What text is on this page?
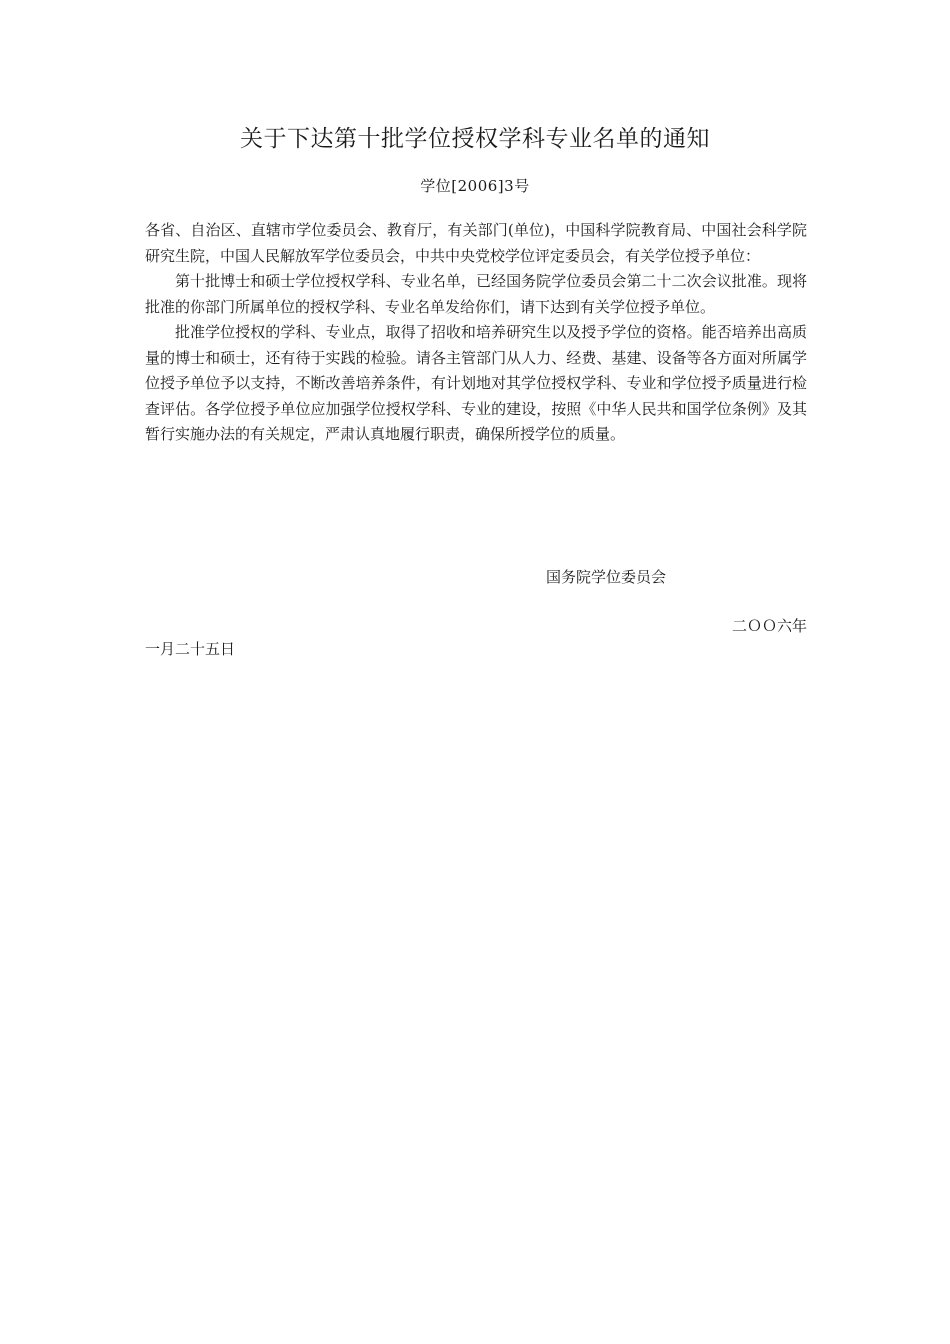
关于下达第十批学位授权学科专业名单的通知
学位[2006]3号

各省、自治区、直辖市学位委员会、教育厅，有关部门(单位)，中国科学院教育局、中国社会科学院研究生院，中国人民解放军学位委员会，中共中央党校学位评定委员会，有关学位授予单位：

第十批博士和硕士学位授权学科、专业名单，已经国务院学位委员会第二十二次会议批准。现将批准的你部门所属单位的授权学科、专业名单发给你们，请下达到有关学位授予单位。

批准学位授权的学科、专业点，取得了招收和培养研究生以及授予学位的资格。能否培养出高质量的博士和硕士，还有待于实践的检验。请各主管部门从人力、经费、基建、设备等各方面对所属学位授予单位予以支持，不断改善培养条件，有计划地对其学位授权学科、专业和学位授予质量进行检查评估。各学位授予单位应加强学位授权学科、专业的建设，按照《中华人民共和国学位条例》及其暂行实施办法的有关规定，严肃认真地履行职责，确保所授学位的质量。

国务院学位委员会
二ＯＯ六年
一月二十五日
